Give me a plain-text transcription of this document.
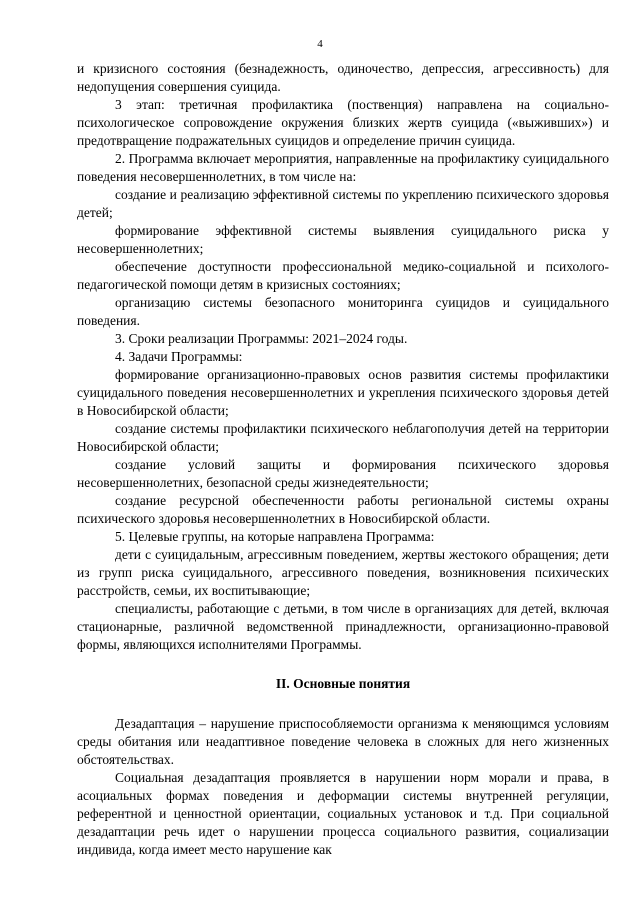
4

и кризисного состояния (безнадежность, одиночество, депрессия, агрессивность) для недопущения совершения суицида.

3 этап: третичная профилактика (поственция) направлена на социально-психологическое сопровождение окружения близких жертв суицида («выживших») и предотвращение подражательных суицидов и определение причин суицида.

2. Программа включает мероприятия, направленные на профилактику суицидального поведения несовершеннолетних, в том числе на:

создание и реализацию эффективной системы по укреплению психического здоровья детей;

формирование эффективной системы выявления суицидального риска у несовершеннолетних;

обеспечение доступности профессиональной медико-социальной и психолого-педагогической помощи детям в кризисных состояниях;

организацию системы безопасного мониторинга суицидов и суицидального поведения.

3. Сроки реализации Программы: 2021–2024 годы.

4. Задачи Программы:

формирование организационно-правовых основ развития системы профилактики суицидального поведения несовершеннолетних и укрепления психического здоровья детей в Новосибирской области;

создание системы профилактики психического неблагополучия детей на территории Новосибирской области;

создание условий защиты и формирования психического здоровья несовершеннолетних, безопасной среды жизнедеятельности;

создание ресурсной обеспеченности работы региональной системы охраны психического здоровья несовершеннолетних в Новосибирской области.

5. Целевые группы, на которые направлена Программа:

дети с суицидальным, агрессивным поведением, жертвы жестокого обращения; дети из групп риска суицидального, агрессивного поведения, возникновения психических расстройств, семьи, их воспитывающие;

специалисты, работающие с детьми, в том числе в организациях для детей, включая стационарные, различной ведомственной принадлежности, организационно-правовой формы, являющихся исполнителями Программы.

II. Основные понятия

Дезадаптация – нарушение приспособляемости организма к меняющимся условиям среды обитания или неадаптивное поведение человека в сложных для него жизненных обстоятельствах.

Социальная дезадаптация проявляется в нарушении норм морали и права, в асоциальных формах поведения и деформации системы внутренней регуляции, референтной и ценностной ориентации, социальных установок и т.д. При социальной дезадаптации речь идет о нарушении процесса социального развития, социализации индивида, когда имеет место нарушение как
